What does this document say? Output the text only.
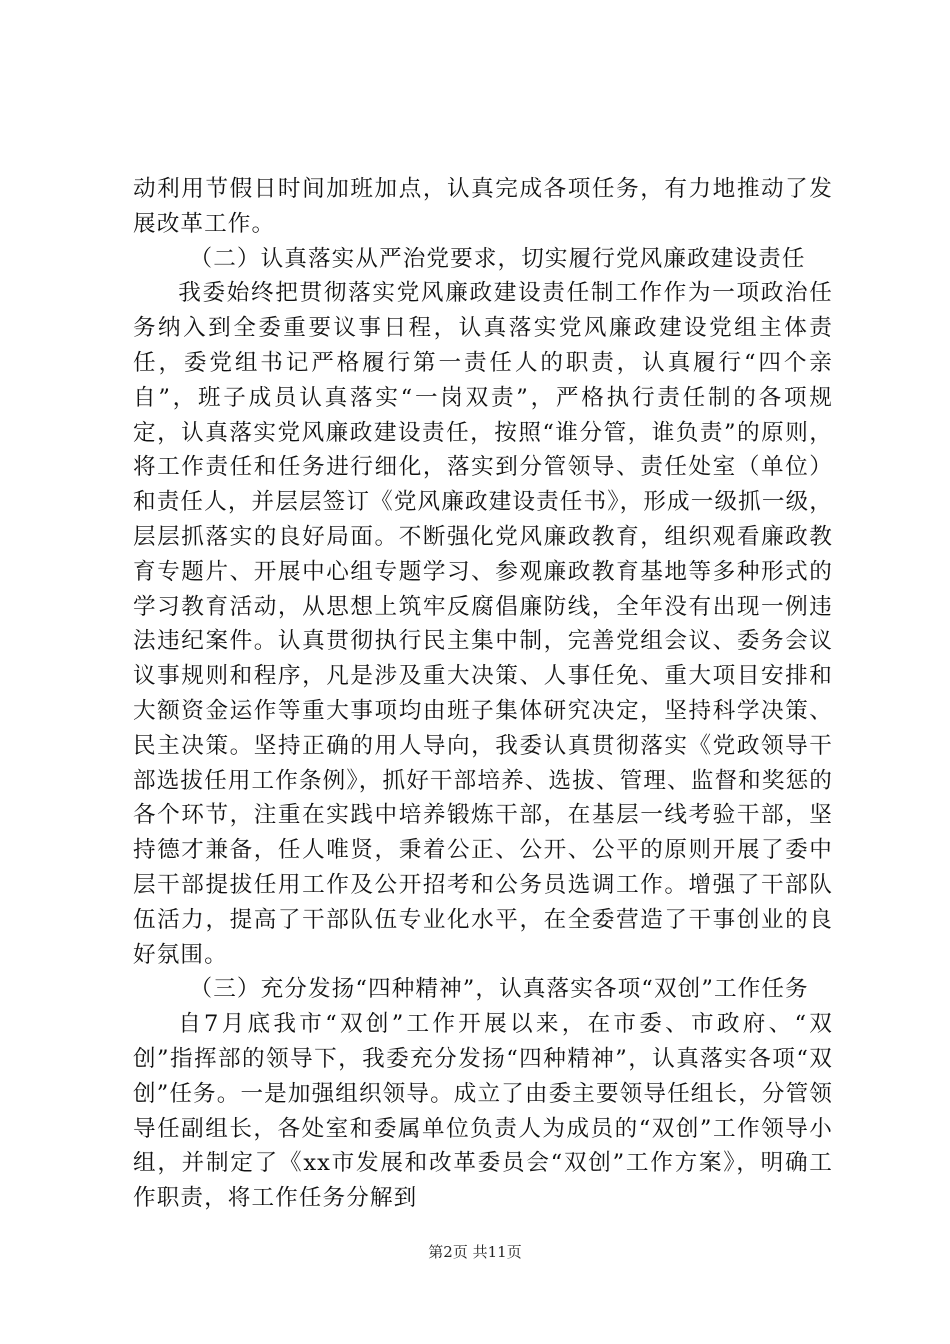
动利用节假日时间加班加点，认真完成各项任务，有力地推动了发展改革工作。

（二）认真落实从严治党要求，切实履行党风廉政建设责任

我委始终把贯彻落实党风廉政建设责任制工作作为一项政治任务纳入到全委重要议事日程，认真落实党风廉政建设党组主体责任，委党组书记严格履行第一责任人的职责，认真履行“四个亲自”，班子成员认真落实“一岗双责”，严格执行责任制的各项规定，认真落实党风廉政建设责任，按照“谁分管，谁负责”的原则，将工作责任和任务进行细化，落实到分管领导、责任处室（单位）和责任人，并层层签订《党风廉政建设责任书》，形成一级抓一级，层层抓落实的良好局面。不断强化党风廉政教育，组织观看廉政教育专题片、开展中心组专题学习、参观廉政教育基地等多种形式的学习教育活动，从思想上筑牢反腐倡廉防线，全年没有出现一例违法违纪案件。认真贯彻执行民主集中制，完善党组会议、委务会议议事规则和程序，凡是涉及重大决策、人事任免、重大项目安排和大额资金运作等重大事项均由班子集体研究决定，坚持科学决策、民主决策。坚持正确的用人导向，我委认真贯彻落实《党政领导干部选拔任用工作条例》，抓好干部培养、选拔、管理、监督和奖惩的各个环节，注重在实践中培养锻炼干部，在基层一线考验干部，坚持德才兼备，任人唯贤，秉着公正、公开、公平的原则开展了委中层干部提拔任用工作及公开招考和公务员选调工作。增强了干部队伍活力，提高了干部队伍专业化水平，在全委营造了干事创业的良好氛围。

（三）充分发扬“四种精神”，认真落实各项“双创”工作任务

自7月底我市“双创”工作开展以来，在市委、市政府、“双创”指挥部的领导下，我委充分发扬“四种精神”，认真落实各项“双创”任务。一是加强组织领导。成立了由委主要领导任组长，分管领导任副组长，各处室和委属单位负责人为成员的“双创”工作领导小组，并制定了《xx市发展和改革委员会“双创”工作方案》，明确工作职责，将工作任务分解到

第2页 共11页
